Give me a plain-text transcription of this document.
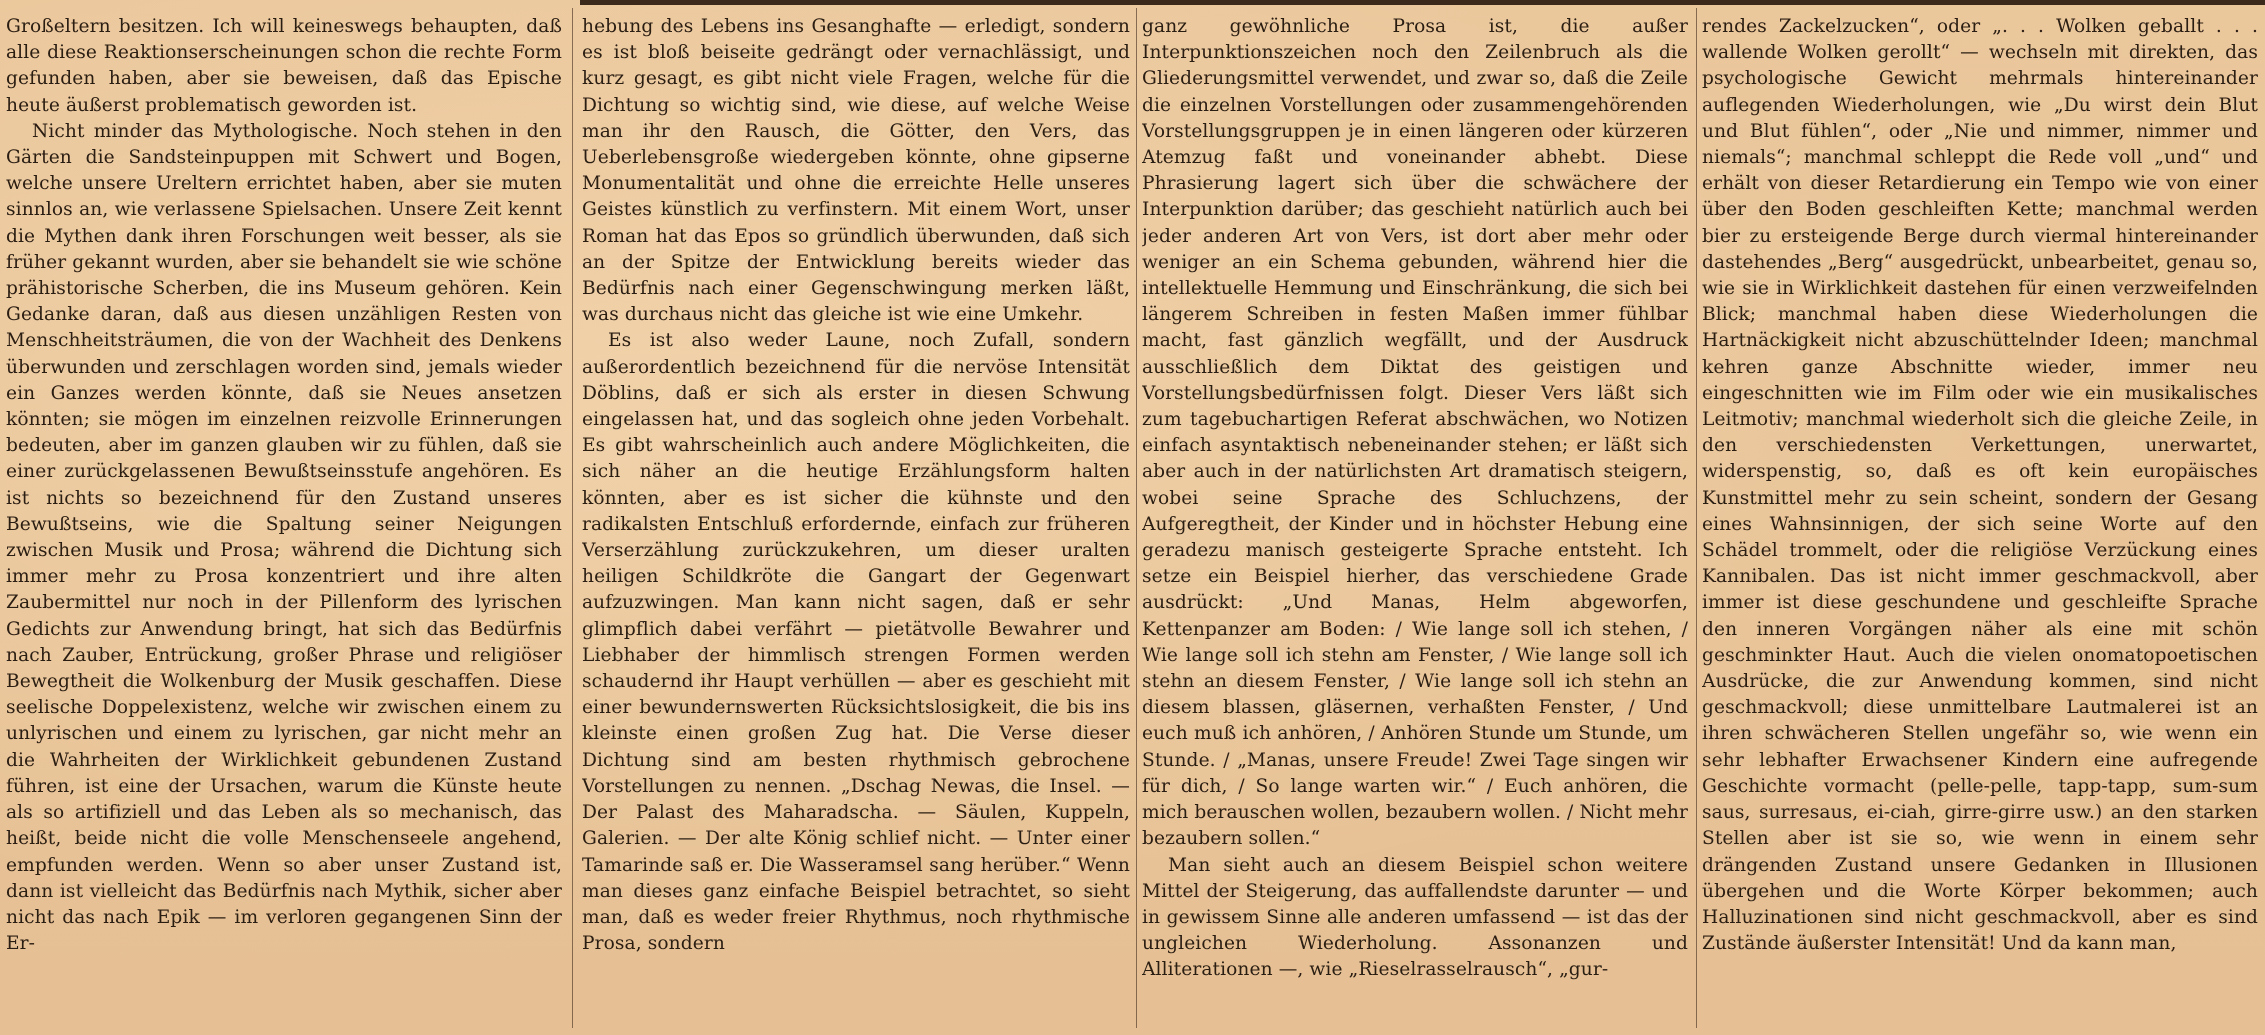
Großeltern besitzen. Ich will keineswegs behaupten, daß alle diese Reaktionserscheinungen schon die rechte Form gefunden haben, aber sie beweisen, daß das Epische heute äußerst problematisch geworden ist.

Nicht minder das Mythologische. Noch stehen in den Gärten die Sandsteinpuppen mit Schwert und Bogen, welche unsere Ureltern errichtet haben, aber sie muten sinnlos an, wie verlassene Spielsachen. Unsere Zeit kennt die Mythen dank ihren Forschungen weit besser, als sie früher gekannt wurden, aber sie behandelt sie wie schöne prähistorische Scherben, die ins Museum gehören. Kein Gedanke daran, daß aus diesen unzähligen Resten von Menschheitsträumen, die von der Wachheit des Denkens überwunden und zerschlagen worden sind, jemals wieder ein Ganzes werden könnte, daß sie Neues ansetzen könnten; sie mögen im einzelnen reizvolle Erinnerungen bedeuten, aber im ganzen glauben wir zu fühlen, daß sie einer zurückgelassenen Bewußtseinsstufe angehören. Es ist nichts so bezeichnend für den Zustand unseres Bewußtseins, wie die Spaltung seiner Neigungen zwischen Musik und Prosa; während die Dichtung sich immer mehr zu Prosa konzentriert und ihre alten Zaubermittel nur noch in der Pillenform des lyrischen Gedichts zur Anwendung bringt, hat sich das Bedürfnis nach Zauber, Entrückung, großer Phrase und religiöser Bewegtheit die Wolkenburg der Musik geschaffen. Diese seelische Doppelexistenz, welche wir zwischen einem zu unlyrischen und einem zu lyrischen, gar nicht mehr an die Wahrheiten der Wirklichkeit gebundenen Zustand führen, ist eine der Ursachen, warum die Künste heute als so artifiziell und das Leben als so mechanisch, das heißt, beide nicht die volle Menschenseele angehend, empfunden werden. Wenn so aber unser Zustand ist, dann ist vielleicht das Bedürfnis nach Mythik, sicher aber nicht das nach Epik — im verloren gegangenen Sinn der Er-

hebung des Lebens ins Gesanghafte — erledigt, sondern es ist bloß beiseite gedrängt oder vernachlässigt, und kurz gesagt, es gibt nicht viele Fragen, welche für die Dichtung so wichtig sind, wie diese, auf welche Weise man ihr den Rausch, die Götter, den Vers, das Ueberlebensgroße wiedergeben könnte, ohne gipserne Monumentalität und ohne die erreichte Helle unseres Geistes künstlich zu verfinstern. Mit einem Wort, unser Roman hat das Epos so gründlich überwunden, daß sich an der Spitze der Entwicklung bereits wieder das Bedürfnis nach einer Gegenschwingung merken läßt, was durchaus nicht das gleiche ist wie eine Umkehr.

Es ist also weder Laune, noch Zufall, sondern außerordentlich bezeichnend für die nervöse Intensität Döblins, daß er sich als erster in diesen Schwung eingelassen hat, und das sogleich ohne jeden Vorbehalt. Es gibt wahrscheinlich auch andere Möglichkeiten, die sich näher an die heutige Erzählungsform halten könnten, aber es ist sicher die kühnste und den radikalsten Entschluß erfordernde, einfach zur früheren Verserzählung zurückzukehren, um dieser uralten heiligen Schildkröte die Gangart der Gegenwart aufzuzwingen. Man kann nicht sagen, daß er sehr glimpflich dabei verfährt — pietätvolle Bewahrer und Liebhaber der himmlisch strengen Formen werden schaudernd ihr Haupt verhüllen — aber es geschieht mit einer bewundernswerten Rücksichtslosigkeit, die bis ins kleinste einen großen Zug hat. Die Verse dieser Dichtung sind am besten rhythmisch gebrochene Vorstellungen zu nennen. „Dschag Newas, die Insel. — Der Palast des Maharadscha. — Säulen, Kuppeln, Galerien. — Der alte König schlief nicht. — Unter einer Tamarinde saß er. Die Wasseramsel sang herüber.“ Wenn man dieses ganz einfache Beispiel betrachtet, so sieht man, daß es weder freier Rhythmus, noch rhythmische Prosa, sondern

ganz gewöhnliche Prosa ist, die außer Interpunktionszeichen noch den Zeilenbruch als die Gliederungsmittel verwendet, und zwar so, daß die Zeile die einzelnen Vorstellungen oder zusammengehörenden Vorstellungsgruppen je in einen längeren oder kürzeren Atemzug faßt und voneinander abhebt. Diese Phrasierung lagert sich über die schwächere der Interpunktion darüber; das geschieht natürlich auch bei jeder anderen Art von Vers, ist dort aber mehr oder weniger an ein Schema gebunden, während hier die intellektuelle Hemmung und Einschränkung, die sich bei längerem Schreiben in festen Maßen immer fühlbar macht, fast gänzlich wegfällt, und der Ausdruck ausschließlich dem Diktat des geistigen und Vorstellungsbedürfnissen folgt. Dieser Vers läßt sich zum tagebuchartigen Referat abschwächen, wo Notizen einfach asyntaktisch nebeneinander stehen; er läßt sich aber auch in der natürlichsten Art dramatisch steigern, wobei seine Sprache des Schluchzens, der Aufgeregtheit, der Kinder und in höchster Hebung eine geradezu manisch gesteigerte Sprache entsteht. Ich setze ein Beispiel hierher, das verschiedene Grade ausdrückt: „Und Manas, Helm abgeworfen, Kettenpanzer am Boden: / Wie lange soll ich stehen, / Wie lange soll ich stehn am Fenster, / Wie lange soll ich stehn an diesem Fenster, / Wie lange soll ich stehn an diesem blassen, gläsernen, verhaßten Fenster, / Und euch muß ich anhören, / Anhören Stunde um Stunde, um Stunde. / „Manas, unsere Freude! Zwei Tage singen wir für dich, / So lange warten wir.“ / Euch anhören, die mich berauschen wollen, bezaubern wollen. / Nicht mehr bezaubern sollen.“

Man sieht auch an diesem Beispiel schon weitere Mittel der Steigerung, das auffallendste darunter — und in gewissem Sinne alle anderen umfassend — ist das der ungleichen Wiederholung. Assonanzen und Alliterationen —, wie „Rieselrasselrausch“, „gur-

rendes Zackelzucken“, oder „. . . Wolken geballt . . . wallende Wolken gerollt“ — wechseln mit direkten, das psychologische Gewicht mehrmals hintereinander auflegenden Wiederholungen, wie „Du wirst dein Blut und Blut fühlen“, oder „Nie und nimmer, nimmer und niemals“; manchmal schleppt die Rede voll „und“ und erhält von dieser Retardierung ein Tempo wie von einer über den Boden geschleiften Kette; manchmal werden bier zu ersteigende Berge durch viermal hintereinander dastehendes „Berg“ ausgedrückt, unbearbeitet, genau so, wie sie in Wirklichkeit dastehen für einen verzweifelnden Blick; manchmal haben diese Wiederholungen die Hartnäckigkeit nicht abzuschüttelnder Ideen; manchmal kehren ganze Abschnitte wieder, immer neu eingeschnitten wie im Film oder wie ein musikalisches Leitmotiv; manchmal wiederholt sich die gleiche Zeile, in den verschiedensten Verkettungen, unerwartet, widerspenstig, so, daß es oft kein europäisches Kunstmittel mehr zu sein scheint, sondern der Gesang eines Wahnsinnigen, der sich seine Worte auf den Schädel trommelt, oder die religiöse Verzückung eines Kannibalen. Das ist nicht immer geschmackvoll, aber immer ist diese geschundene und geschleifte Sprache den inneren Vorgängen näher als eine mit schön geschminkter Haut. Auch die vielen onomatopoetischen Ausdrücke, die zur Anwendung kommen, sind nicht geschmackvoll; diese unmittelbare Lautmalerei ist an ihren schwächeren Stellen ungefähr so, wie wenn ein sehr lebhafter Erwachsener Kindern eine aufregende Geschichte vormacht (pelle-pelle, tapp-tapp, sum-sum saus, surresaus, ei-ciah, girre-girre usw.) an den starken Stellen aber ist sie so, wie wenn in einem sehr drängenden Zustand unsere Gedanken in Illusionen übergehen und die Worte Körper bekommen; auch Halluzinationen sind nicht geschmackvoll, aber es sind Zustände äußerster Intensität! Und da kann man,
